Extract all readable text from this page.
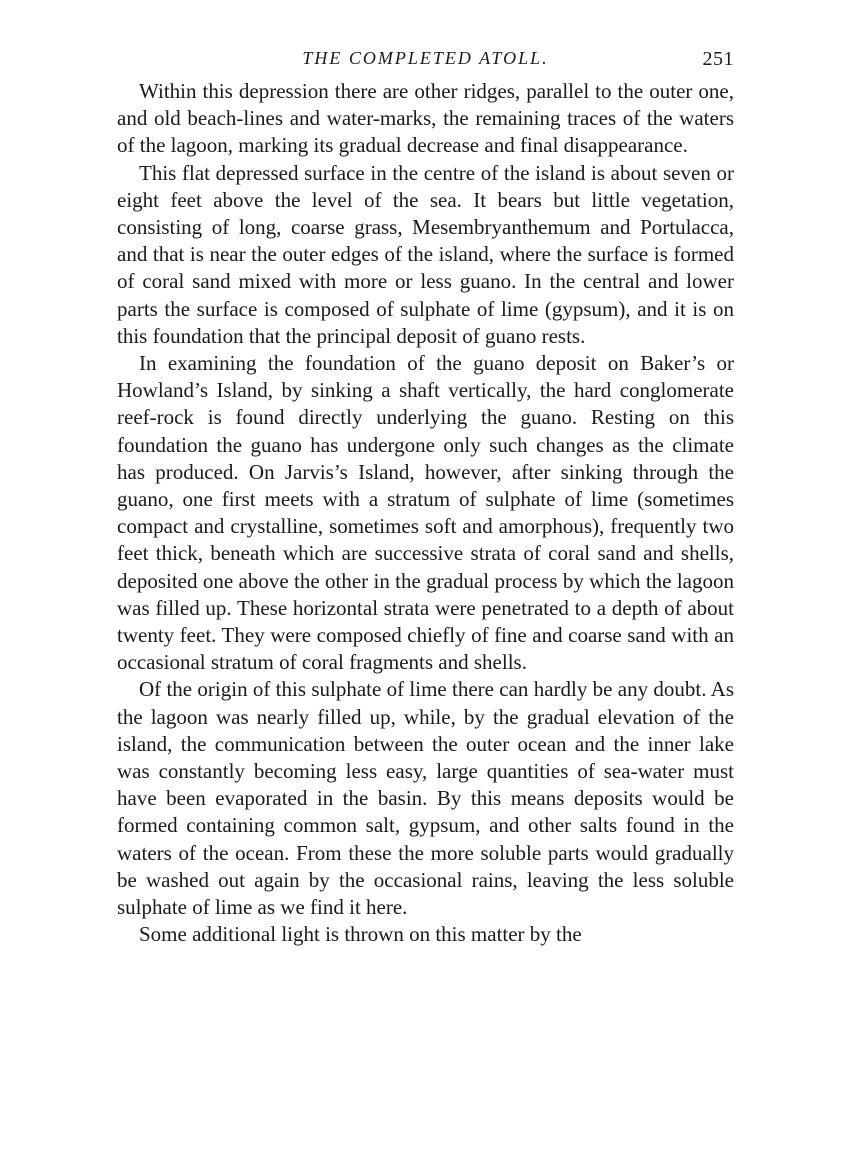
THE COMPLETED ATOLL.	251

Within this depression there are other ridges, parallel to the outer one, and old beach-lines and water-marks, the remaining traces of the waters of the lagoon, marking its gradual decrease and final disappearance.

This flat depressed surface in the centre of the island is about seven or eight feet above the level of the sea. It bears but little vegetation, consisting of long, coarse grass, Mesembryanthemum and Portulacca, and that is near the outer edges of the island, where the surface is formed of coral sand mixed with more or less guano. In the central and lower parts the surface is composed of sulphate of lime (gypsum), and it is on this foundation that the principal deposit of guano rests.

In examining the foundation of the guano deposit on Baker’s or Howland’s Island, by sinking a shaft vertically, the hard conglomerate reef-rock is found directly underlying the guano. Resting on this foundation the guano has undergone only such changes as the climate has produced. On Jarvis’s Island, however, after sinking through the guano, one first meets with a stratum of sulphate of lime (sometimes compact and crystalline, sometimes soft and amorphous), frequently two feet thick, beneath which are successive strata of coral sand and shells, deposited one above the other in the gradual process by which the lagoon was filled up. These horizontal strata were penetrated to a depth of about twenty feet. They were composed chiefly of fine and coarse sand with an occasional stratum of coral fragments and shells.

Of the origin of this sulphate of lime there can hardly be any doubt. As the lagoon was nearly filled up, while, by the gradual elevation of the island, the communication between the outer ocean and the inner lake was constantly becoming less easy, large quantities of sea-water must have been evaporated in the basin. By this means deposits would be formed containing common salt, gypsum, and other salts found in the waters of the ocean. From these the more soluble parts would gradually be washed out again by the occasional rains, leaving the less soluble sulphate of lime as we find it here.

Some additional light is thrown on this matter by the
